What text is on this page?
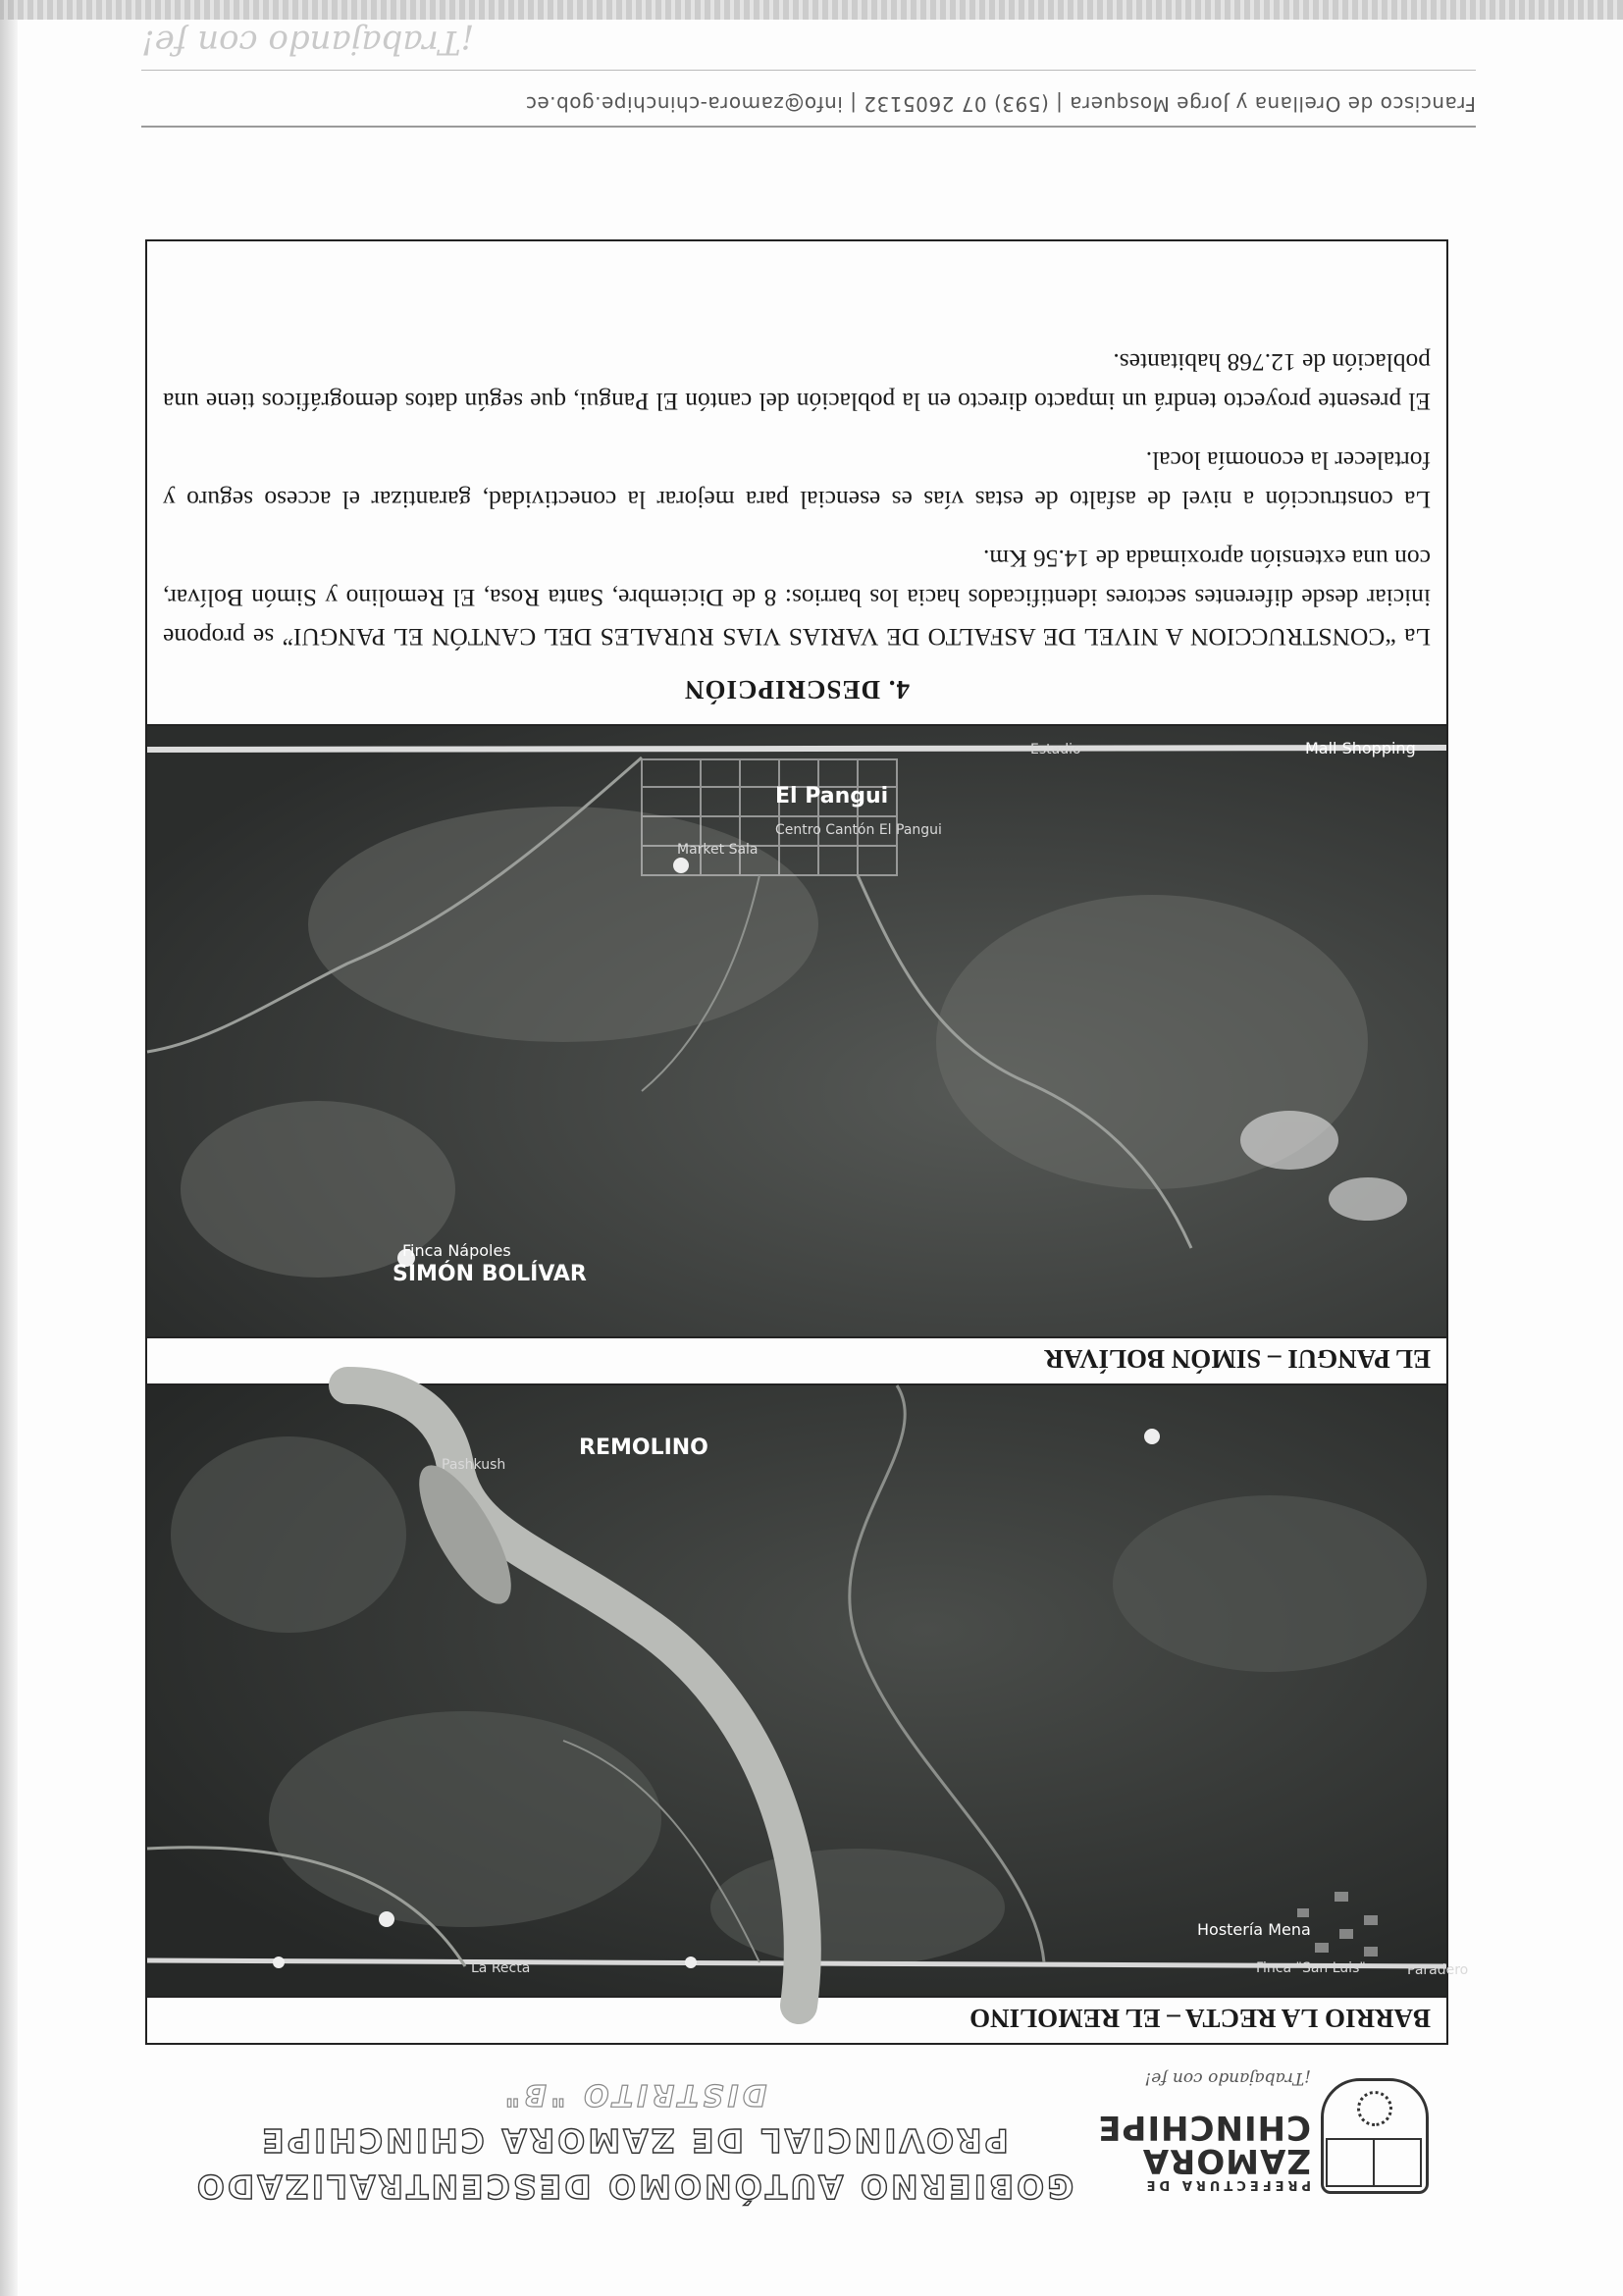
PREFECTURA DE
ZAMORA
CHINCHIPE
¡Trabajando con fe!
GOBIERNO AUTÓNOMO DESCENTRALIZADO
PROVINCIAL DE ZAMORA CHINCHIPE
DISTRITO "B"
BARRIO LA RECTA – EL REMOLINO
Paradero
Finca "San Luis"
La Recta
Hostería Mena
Pashkush
REMOLINO
EL PANGUI – SIMÓN BOLÍVAR
SIMÓN BOLÍVAR
Finca Nápoles
El Pangui
Mall Shopping
Market Sala
Centro Cantón El Pangui
Estadio
4. DESCRIPCIÓN

La “CONSTRUCCION A NIVEL DE ASFALTO DE VARIAS VIAS RURALES DEL CANTÓN EL PANGUI” se propone iniciar desde diferentes sectores identificados hacia los barrios: 8 de Diciembre, Santa Rosa, El Remolino y Simón Bolívar, con una extensión aproximada de 14.56 Km.

La construcción a nivel de asfalto de estas vías es esencial para mejorar la conectividad, garantizar el acceso seguro y fortalecer la economía local.

El presente proyecto tendrá un impacto directo en la población del cantón El Pangui, que según datos demográficos tiene una población de 12.768 habitantes.

Francisco de Orellana y Jorge Mosquera | (593) 07 2605132 | info@zamora-chinchipe.gob.ec
¡Trabajando con fe!
